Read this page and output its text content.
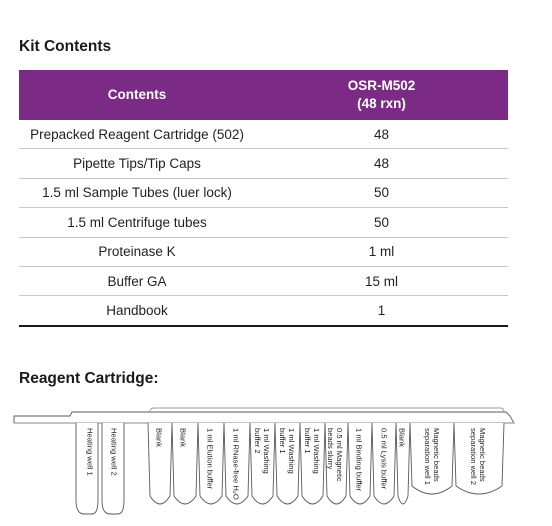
Kit Contents
Contents	OSR-M502
(48 rxn)

Prepacked Reagent Cartridge (502)	48
Pipette Tips/Tip Caps	48
1.5 ml Sample Tubes (luer lock)	50
1.5 ml Centrifuge tubes	50
Proteinase K	1 ml
Buffer GA	15 ml
Handbook	1
Reagent Cartridge:
Heating well 1 Heating well 2	Blank Blank 1 ml Elution buffer 1 ml RNase-free H₂O	1 ml Washing
buffer 2	1 ml Washing
buffer 1	1 ml Washing
buffer 1	0.5 ml Magnetic
beads slurry	1 ml Binding buffer 0.5 ml Lysis buffer Blank	Magnetic beads
separation well 1	Magnetic beads
separation well 2
